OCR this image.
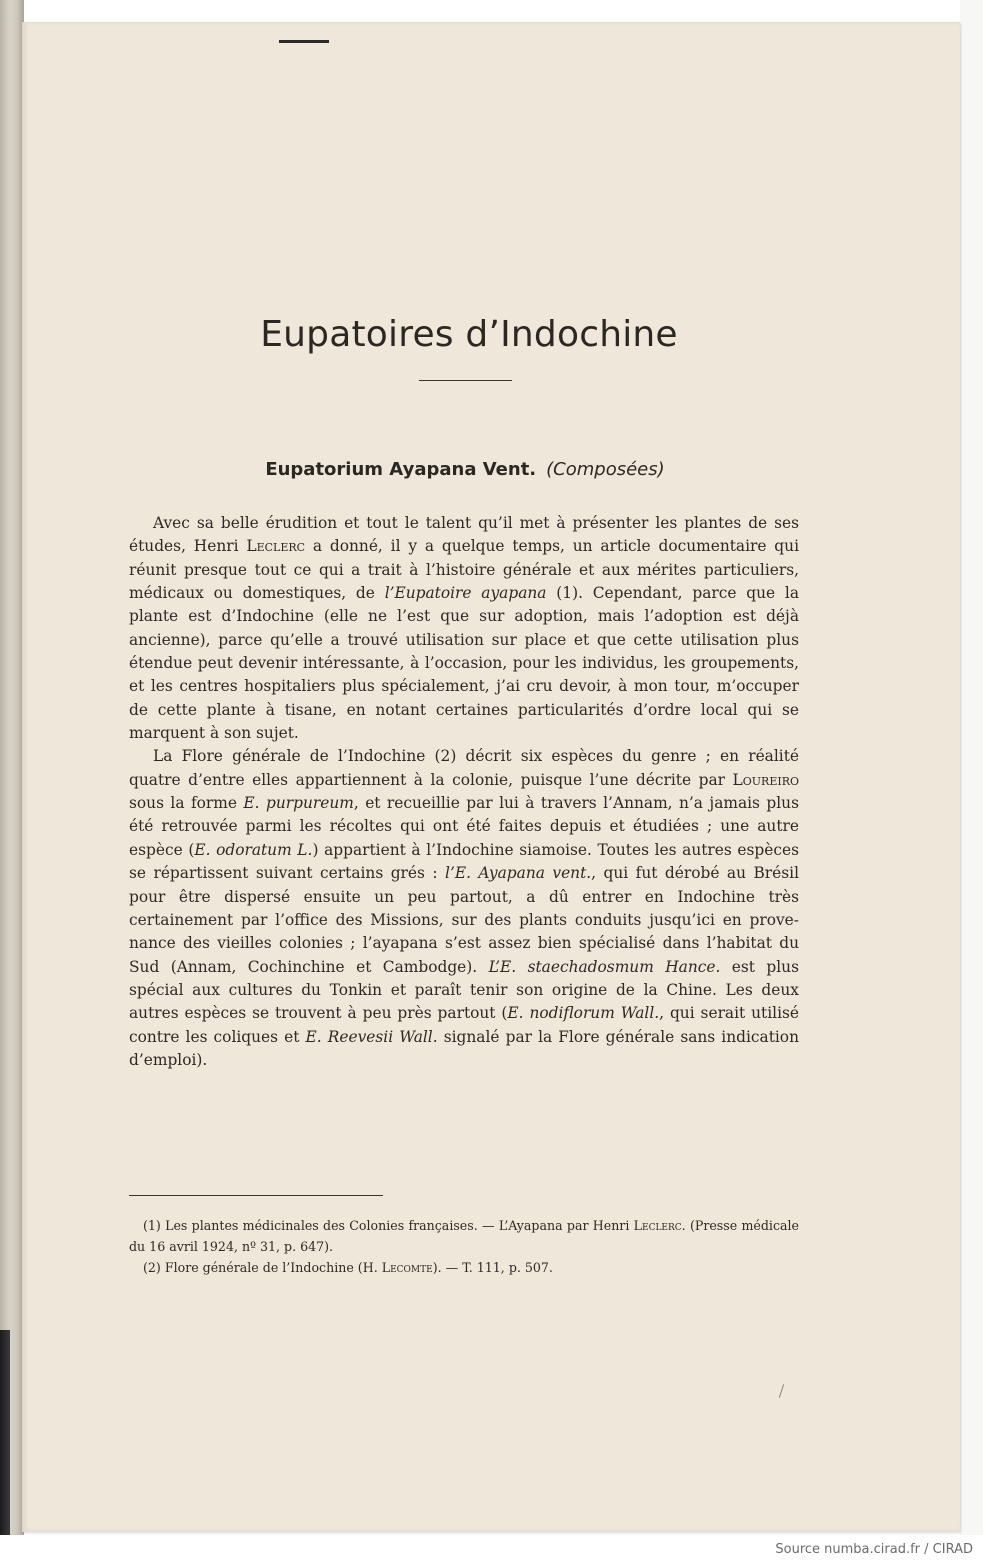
Eupatoires d’Indochine
Eupatorium Ayapana Vent. (Composées)

Avec sa belle érudition et tout le talent qu’il met à présenter les plantes de ses études, Henri Leclerc a donné, il y a quelque temps, un article documentaire qui réunit presque tout ce qui a trait à l’histoire générale et aux mérites particuliers, médicaux ou domestiques, de l’Eupatoire ayapana (1). Cependant, parce que la plante est d’Indochine (elle ne l’est que sur adoption, mais l’adoption est déjà ancienne), parce qu’elle a trouvé utilisation sur place et que cette utilisation plus étendue peut devenir intéressante, à l’occasion, pour les individus, les groupements, et les centres hospitaliers plus spécialement, j’ai cru devoir, à mon tour, m’occuper de cette plante à tisane, en notant certaines particularités d’ordre local qui se marquent à son sujet.

La Flore générale de l’Indochine (2) décrit six espèces du genre ; en réalité quatre d’entre elles appartiennent à la colonie, puisque l’une décrite par Loureiro sous la forme E. purpureum, et recueillie par lui à travers l’Annam, n’a jamais plus été retrouvée parmi les récoltes qui ont été faites depuis et étudiées ; une autre espèce (E. odoratum L.) appartient à l’Indochine siamoise. Toutes les autres espèces se répartissent suivant certains grés : l’E. Ayapana vent., qui fut dérobé au Brésil pour être dispersé ensuite un peu partout, a dû entrer en Indochine très certainement par l’office des Missions, sur des plants conduits jusqu’ici en provenance des vieilles colonies ; l’ayapana s’est assez bien spécialisé dans l’habitat du Sud (Annam, Cochinchine et Cambodge). L’E. staechadosmum Hance. est plus spécial aux cultures du Tonkin et paraît tenir son origine de la Chine. Les deux autres espèces se trouvent à peu près partout (E. nodiflorum Wall., qui serait utilisé contre les coliques et E. Reevesii Wall. signalé par la Flore générale sans indication d’emploi).

(1) Les plantes médicinales des Colonies françaises. — L’Ayapana par Henri Leclerc. (Presse médicale du 16 avril 1924, nº 31, p. 647).

(2) Flore générale de l’Indochine (H. Lecomte). — T. 111, p. 507.

Source numba.cirad.fr / CIRAD
